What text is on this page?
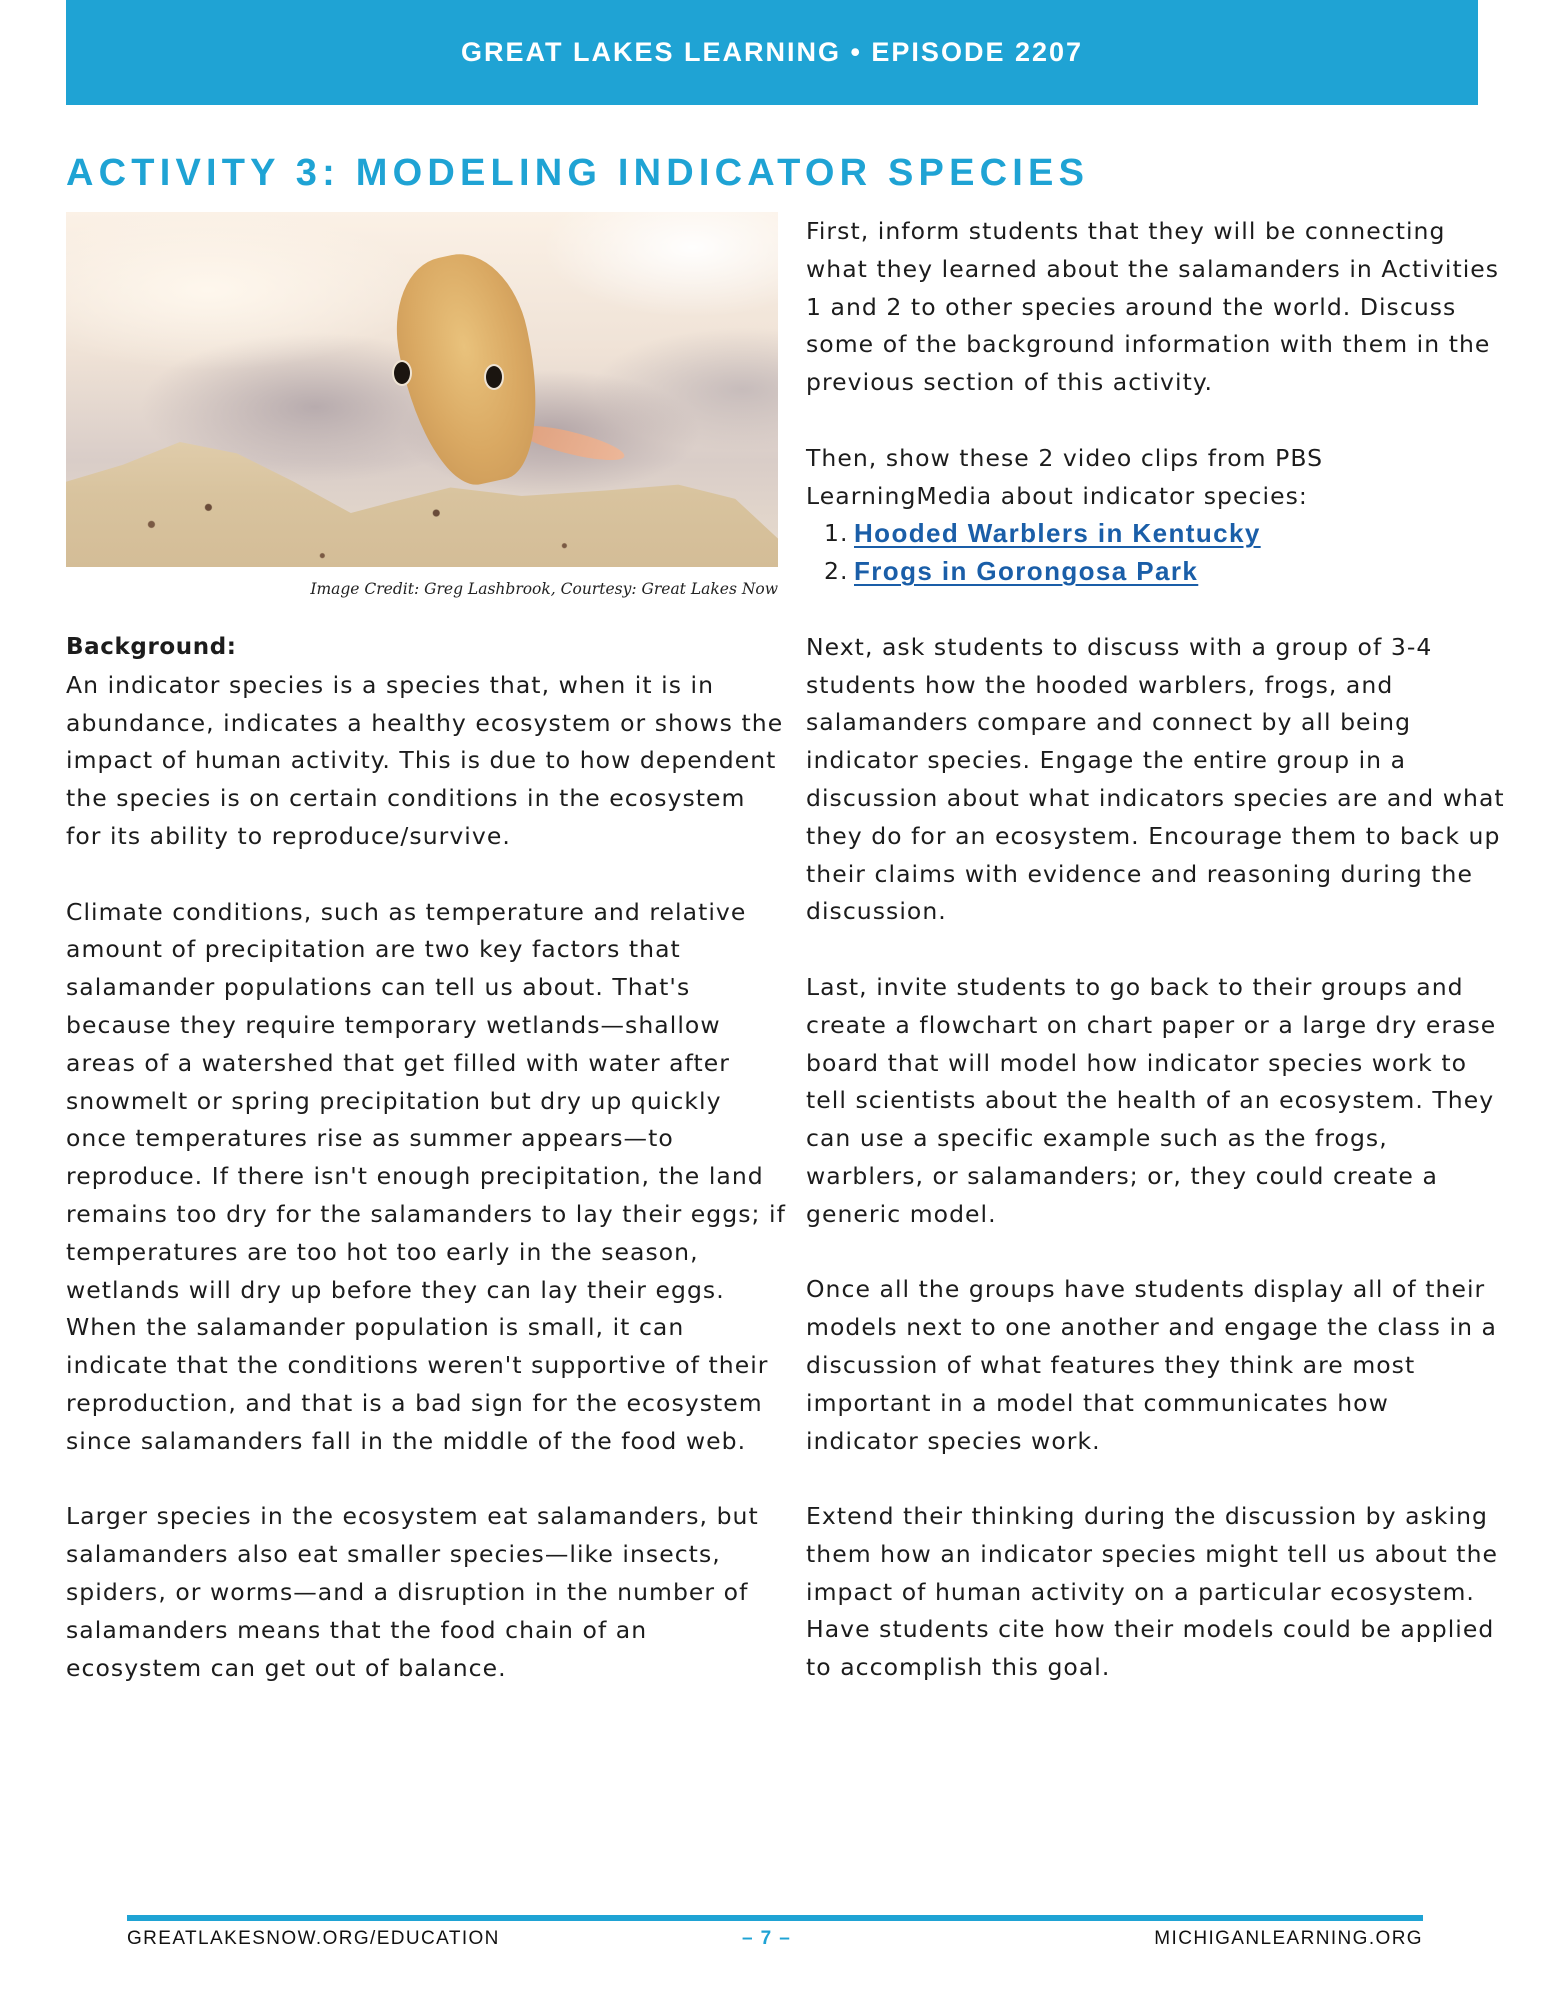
GREAT LAKES LEARNING • EPISODE 2207
ACTIVITY 3: MODELING INDICATOR SPECIES
Image Credit: Greg Lashbrook, Courtesy: Great Lakes Now
Background:

An indicator species is a species that, when it is in abundance, indicates a healthy ecosystem or shows the impact of human activity. This is due to how dependent the species is on certain conditions in the ecosystem for its ability to reproduce/survive.

Climate conditions, such as temperature and relative amount of precipitation are two key factors that salamander populations can tell us about. That's because they require temporary wetlands—shallow areas of a watershed that get filled with water after snowmelt or spring precipitation but dry up quickly once temperatures rise as summer appears—to reproduce. If there isn't enough precipitation, the land remains too dry for the salamanders to lay their eggs; if temperatures are too hot too early in the season, wetlands will dry up before they can lay their eggs. When the salamander population is small, it can indicate that the conditions weren't supportive of their reproduction, and that is a bad sign for the ecosystem since salamanders fall in the middle of the food web.

Larger species in the ecosystem eat salamanders, but salamanders also eat smaller species—like insects, spiders, or worms—and a disruption in the number of salamanders means that the food chain of an ecosystem can get out of balance.

First, inform students that they will be connecting what they learned about the salamanders in Activities 1 and 2 to other species around the world. Discuss some of the background information with them in the previous section of this activity.

Then, show these 2 video clips from PBS LearningMedia about indicator species:

1. Hooded Warblers in Kentucky
2. Frogs in Gorongosa Park

Next, ask students to discuss with a group of 3-4 students how the hooded warblers, frogs, and salamanders compare and connect by all being indicator species. Engage the entire group in a discussion about what indicators species are and what they do for an ecosystem. Encourage them to back up their claims with evidence and reasoning during the discussion.

Last, invite students to go back to their groups and create a flowchart on chart paper or a large dry erase board that will model how indicator species work to tell scientists about the health of an ecosystem. They can use a specific example such as the frogs, warblers, or salamanders; or, they could create a generic model.

Once all the groups have students display all of their models next to one another and engage the class in a discussion of what features they think are most important in a model that communicates how indicator species work.

Extend their thinking during the discussion by asking them how an indicator species might tell us about the impact of human activity on a particular ecosystem. Have students cite how their models could be applied to accomplish this goal.

GREATLAKESNOW.ORG/EDUCATION	– 7 –	MICHIGANLEARNING.ORG
